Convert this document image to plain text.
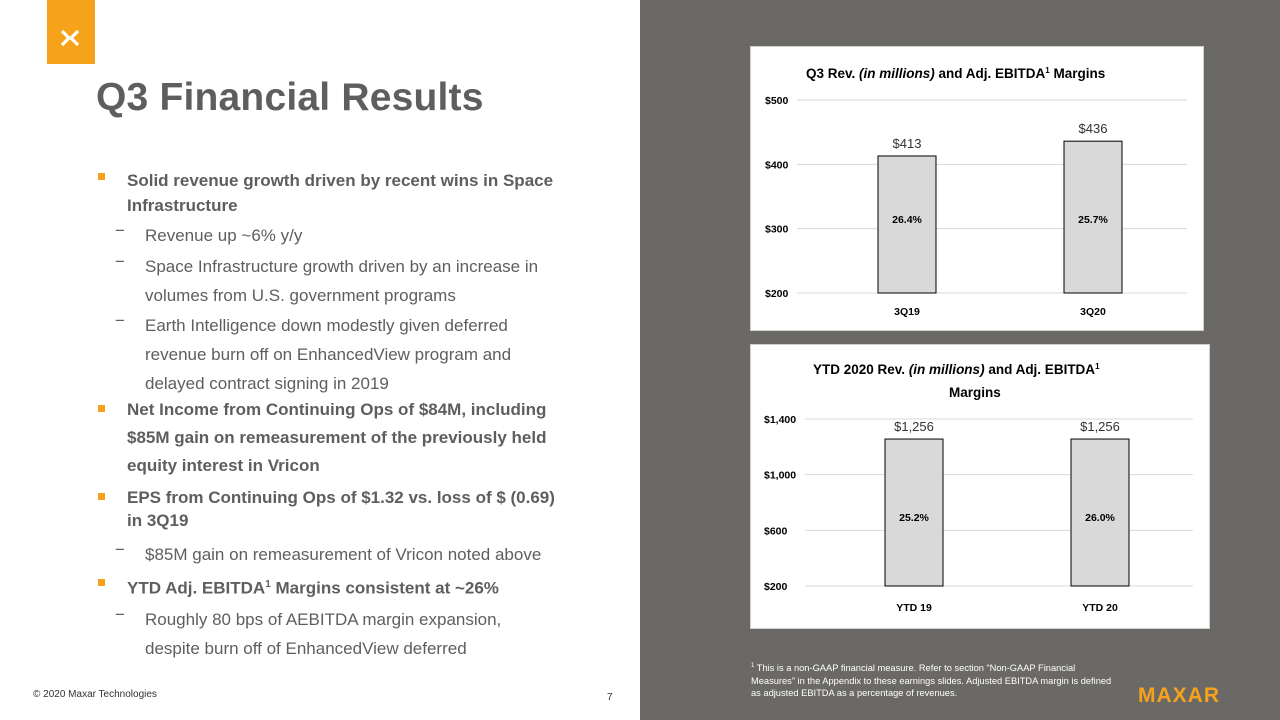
Q3 Financial Results
Solid revenue growth driven by recent wins in Space
Infrastructure
− Revenue up ~6% y/y
− Space Infrastructure growth driven by an increase in
volumes from U.S. government programs
− Earth Intelligence down modestly given deferred
revenue burn off on EnhancedView program and
delayed contract signing in 2019
Net Income from Continuing Ops of $84M, including
$85M gain on remeasurement of the previously held
equity interest in Vricon
EPS from Continuing Ops of $1.32 vs. loss of $ (0.69)
in 3Q19
− $85M gain on remeasurement of Vricon noted above
YTD Adj. EBITDA$^1$ Margins consistent at ~26%
− Roughly 80 bps of AEBITDA margin expansion,
despite burn off of EnhancedView deferred
© 2020 Maxar Technologies	7
Q3 Rev. (in millions) and Adj. EBITDA$^1$ Margins
$200
$300
$400
$500
$413
26.4%
3Q19
$436
25.7%
3Q20
YTD 2020 Rev. (in millions) and Adj. EBITDA$^1$
Margins
$200
$600
$1,000
$1,400	$1,256
25.2%
YTD 19
$1,256
26.0%
YTD 20
$^1$ This is a non-GAAP financial measure. Refer to section “Non-GAAP Financial
Measures” in the Appendix to these earnings slides. Adjusted EBITDA margin is defined
as adjusted EBITDA as a percentage of revenues.	MAXAR
